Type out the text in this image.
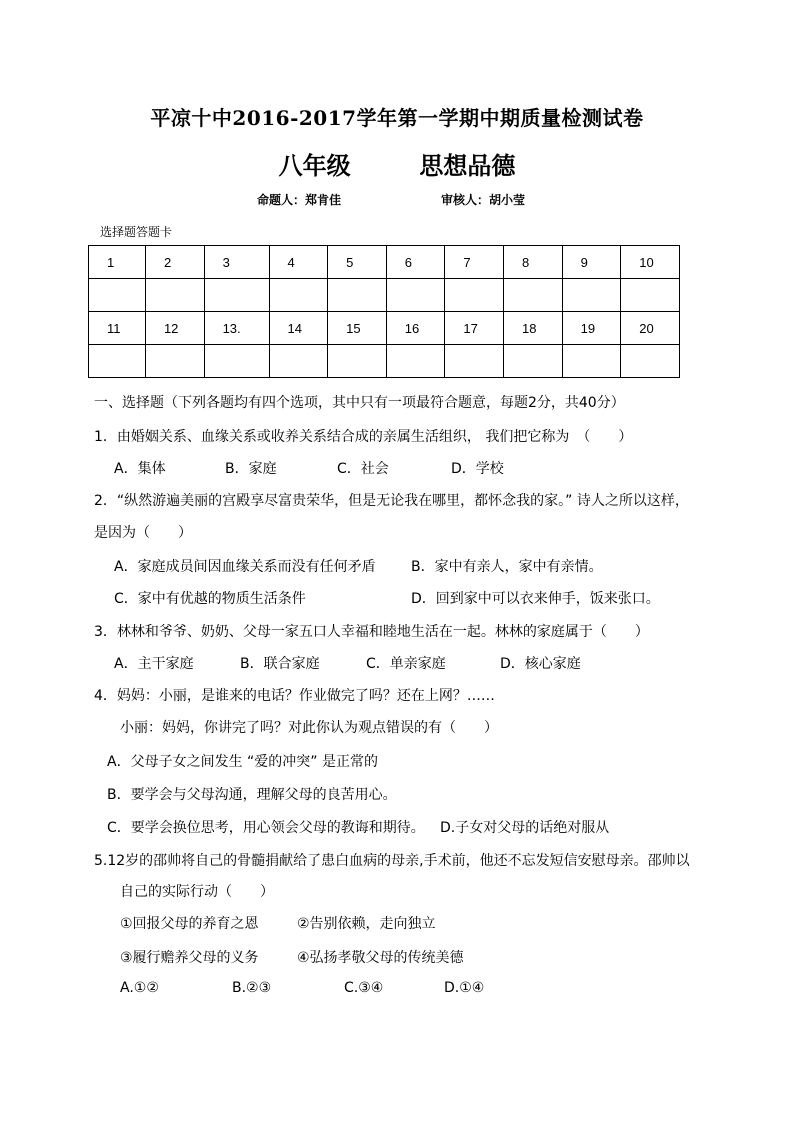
平凉十中2016-2017学年第一学期中期质量检测试卷
八年级	思想品德
命题人：郑肯佳	审核人：胡小莹
选择题答题卡
1	2	3	4	5	6	7	8	9	10

11	12	13.	14	15	16	17	18	19	20

一、选择题（下列各题均有四个选项，其中只有一项最符合题意，每题2分，共40分）
1．由婚姻关系、血缘关系或收养关系结合成的亲属生活组织， 我们把它称为　（　　）
A．集体	B．家庭	C．社会	D．学校
2．“纵然游遍美丽的宫殿享尽富贵荣华，但是无论我在哪里，都怀念我的家。” 诗人之所以这样，
是因为（　　）
A．家庭成员间因血缘关系而没有任何矛盾	B．家中有亲人，家中有亲情。
C．家中有优越的物质生活条件	D．回到家中可以衣来伸手，饭来张口。
3．林林和爷爷、奶奶、父母一家五口人幸福和睦地生活在一起。林林的家庭属于（　　）
A．主干家庭	B．联合家庭	C．单亲家庭	D．核心家庭
4．妈妈：小丽，是谁来的电话？作业做完了吗？还在上网？……
小丽：妈妈，你讲完了吗？对此你认为观点错误的有（　　）
A．父母子女之间发生 “爱的冲突” 是正常的
B．要学会与父母沟通，理解父母的良苦用心。
C．要学会换位思考，用心领会父母的教诲和期待。 D.子女对父母的话绝对服从
5.12岁的邵帅将自己的骨髓捐献给了患白血病的母亲,手术前，他还不忘发短信安慰母亲。邵帅以
自己的实际行动（　　）
①回报父母的养育之恩	②告别依赖，走向独立
③履行赡养父母的义务	④弘扬孝敬父母的传统美德
A.①②	B.②③	C.③④	D.①④
